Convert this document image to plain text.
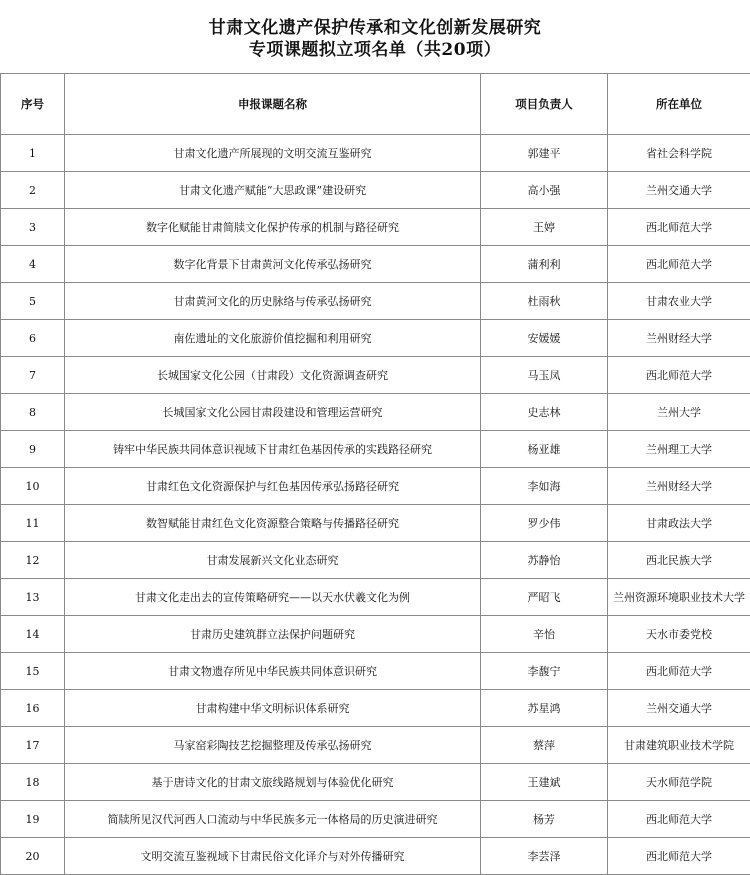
甘肃文化遗产保护传承和文化创新发展研究
专项课题拟立项名单（共20项）
序号	申报课题名称	项目负责人	所在单位
1	甘肃文化遗产所展现的文明交流互鉴研究	郭建平	省社会科学院
2	甘肃文化遗产赋能“大思政课”建设研究	高小强	兰州交通大学
3	数字化赋能甘肃简牍文化保护传承的机制与路径研究	王婷	西北师范大学
4	数字化背景下甘肃黄河文化传承弘扬研究	蒲利利	西北师范大学
5	甘肃黄河文化的历史脉络与传承弘扬研究	杜雨秋	甘肃农业大学
6	南佐遗址的文化旅游价值挖掘和利用研究	安媛媛	兰州财经大学
7	长城国家文化公园（甘肃段）文化资源调查研究	马玉凤	西北师范大学
8	长城国家文化公园甘肃段建设和管理运营研究	史志林	兰州大学
9	铸牢中华民族共同体意识视域下甘肃红色基因传承的实践路径研究	杨亚雄	兰州理工大学
10	甘肃红色文化资源保护与红色基因传承弘扬路径研究	李如海	兰州财经大学
11	数智赋能甘肃红色文化资源整合策略与传播路径研究	罗少伟	甘肃政法大学
12	甘肃发展新兴文化业态研究	苏静怡	西北民族大学
13	甘肃文化走出去的宣传策略研究——以天水伏羲文化为例	严昭飞	兰州资源环境职业技术大学
14	甘肃历史建筑群立法保护问题研究	辛怡	天水市委党校
15	甘肃文物遗存所见中华民族共同体意识研究	李馥宁	西北师范大学
16	甘肃构建中华文明标识体系研究	苏星鸿	兰州交通大学
17	马家窑彩陶技艺挖掘整理及传承弘扬研究	蔡萍	甘肃建筑职业技术学院
18	基于唐诗文化的甘肃文旅线路规划与体验优化研究	王建斌	天水师范学院
19	简牍所见汉代河西人口流动与中华民族多元一体格局的历史演进研究	杨芳	西北师范大学
20	文明交流互鉴视域下甘肃民俗文化译介与对外传播研究	李芸泽	西北师范大学
